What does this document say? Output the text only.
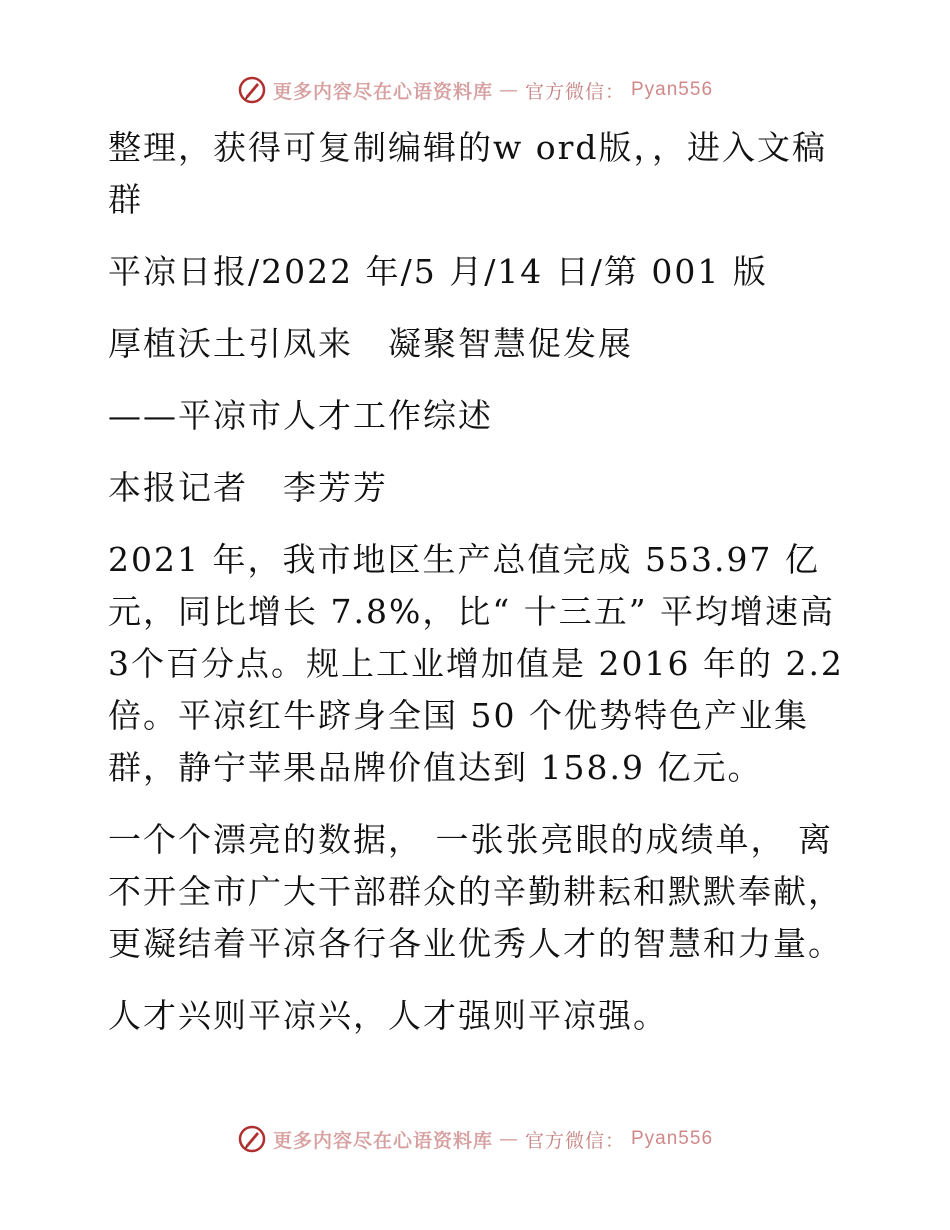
更多内容尽在心语资料库 — 官方微信： Pyan556

整理，获得可复制编辑的w ord版，，进入文稿群

平凉日报/2022 年/5 月/14 日/第 001 版

厚植沃土引凤来　凝聚智慧促发展

——平凉市人才工作综述

本报记者　李芳芳

2021 年，我市地区生产总值完成 553.97 亿元，同比增长 7.8%，比“ 十三五” 平均增速高 3个百分点。规上工业增加值是 2016 年的 2.2 倍。平凉红牛跻身全国 50 个优势特色产业集群，静宁苹果品牌价值达到 158.9 亿元。

一个个漂亮的数据， 一张张亮眼的成绩单， 离不开全市广大干部群众的辛勤耕耘和默默奉献，更凝结着平凉各行各业优秀人才的智慧和力量。

人才兴则平凉兴，人才强则平凉强。

更多内容尽在心语资料库 — 官方微信： Pyan556
